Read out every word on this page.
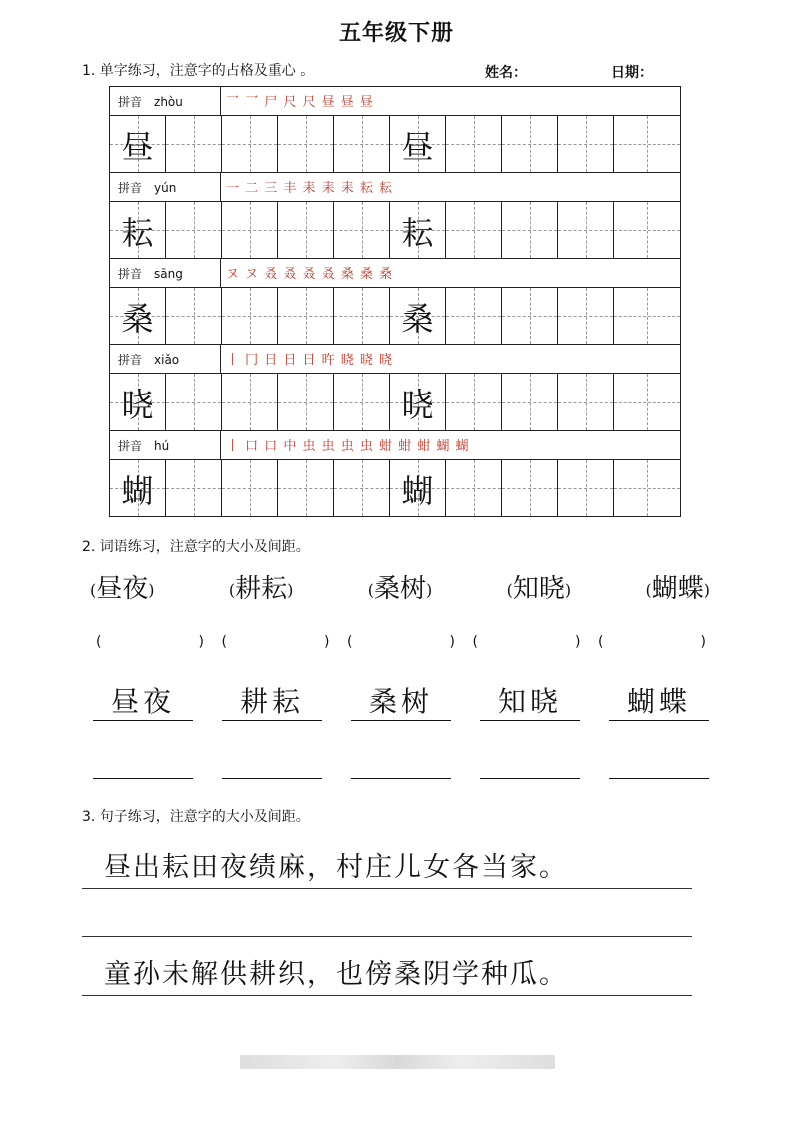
五年级下册
1. 单字练习，注意字的占格及重心 。	姓名：	日期：
拼音 zhòu	⺂ ⺂ 尸 尺 尺 昼 昼 昼
昼	昼
拼音 yún	一 二 三 丰 耒 耒 耒 耘 耘
耘	耘
拼音 sāng	ヌ ヌ 叒 叒 叒 叒 桑 桑 桑
桑	桑
拼音 xiǎo	丨 冂 日 日 日 旿 晓 晓 晓
晓	晓
拼音 hú	丨 口 口 中 虫 虫 虫 虫 蚶 蚶 蚶 蝴 蝴
蝴	蝴
2. 词语练习，注意字的大小及间距。
(昼夜)	(耕耘)	(桑树)	(知晓)	(蝴蝶)
(	) (	) (	) (	) (	)
昼夜	耕耘	桑树	知晓	蝴蝶
3. 句子练习，注意字的大小及间距。
昼出耘田夜绩麻，村庄儿女各当家。
童孙未解供耕织，也傍桑阴学种瓜。
